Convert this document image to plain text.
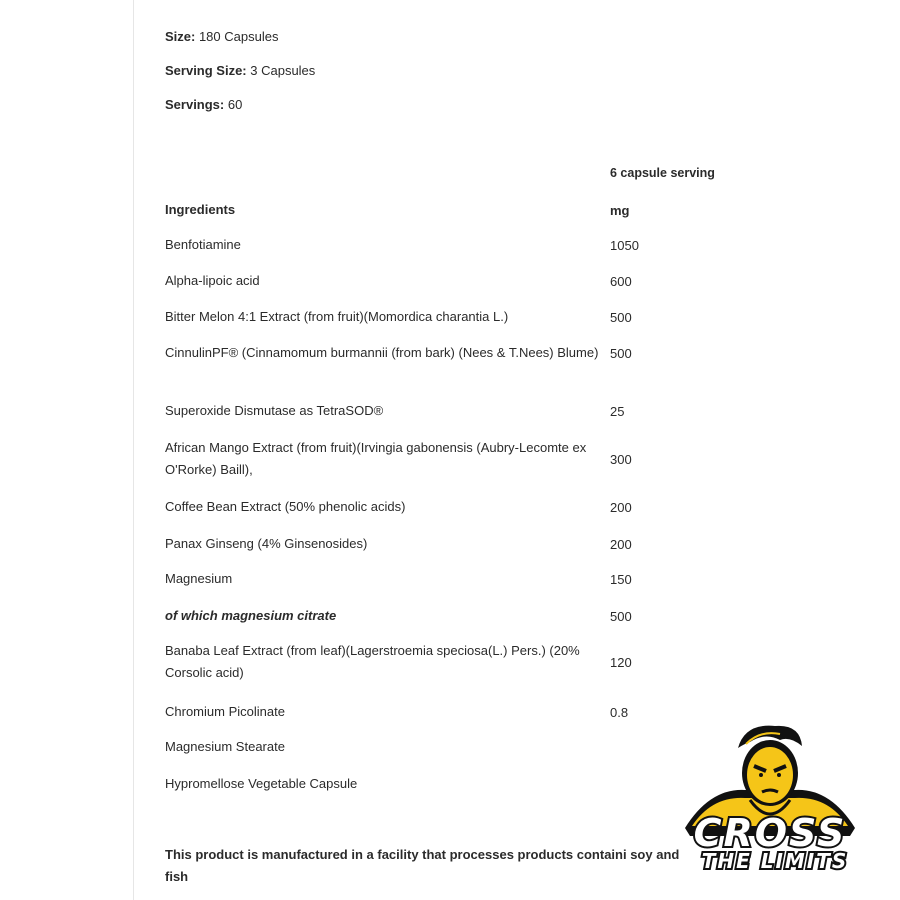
Size: 180 Capsules
Serving Size: 3 Capsules
Servings: 60
6 capsule serving
Ingredients	mg
Benfotiamine	1050
Alpha-lipoic acid	600
Bitter Melon 4:1 Extract (from fruit)(Momordica charantia L.)	500
CinnulinPF® (Cinnamomum burmannii (from bark) (Nees & T.Nees) Blume) 500
Superoxide Dismutase as TetraSOD®	25
African Mango Extract (from fruit)(Irvingia gabonensis (Aubry-Lecomte ex O'Rorke) Baill),
300
Coffee Bean Extract (50% phenolic acids)	200
Panax Ginseng (4% Ginsenosides)	200
Magnesium	150
of which magnesium citrate	500
Banaba Leaf Extract (from leaf)(Lagerstroemia speciosa(L.) Pers.) (20% Corsolic acid)
120
Chromium Picolinate	0.8
Magnesium Stearate
Hypromellose Vegetable Capsule
This product is manufactured in a facility that processes products containi soy and fish
CROSS
THE LIMITS
